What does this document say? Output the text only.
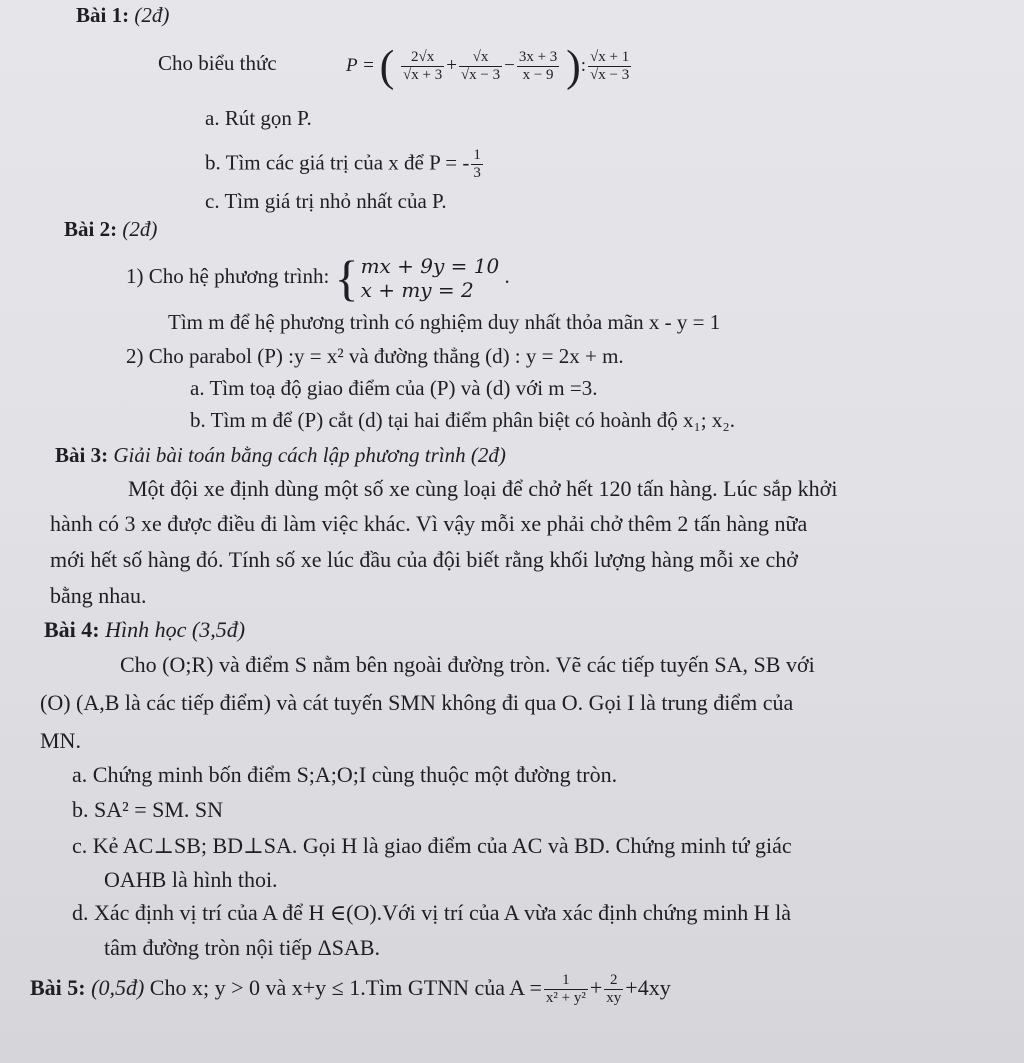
Bài 1: (2đ)
Cho biểu thức	P = ( $\frac{2√x}{√x + 3} + \frac{√x}{√x - 3} - \frac{3x + 3}{x - 9}$ ): $\frac{√x + 1}{√x - 3}$
a. Rút gọn P.
b. Tìm các giá trị của x để P = - $\frac{1}{3}$
c. Tìm giá trị nhỏ nhất của P.
Bài 2: (2đ)
1) Cho hệ phương trình: { mx + 9y = 10
x + my = 2
.
Tìm m để hệ phương trình có nghiệm duy nhất thỏa mãn x - y = 1
2) Cho parabol (P) :y = x² và đường thẳng (d) : y = 2x + m.
a. Tìm toạ độ giao điểm của (P) và (d) với m =3.
b. Tìm m để (P) cắt (d) tại hai điểm phân biệt có hoành độ x₁; x₂.
Bài 3: Giải bài toán bằng cách lập phương trình (2đ)
Một đội xe định dùng một số xe cùng loại để chở hết 120 tấn hàng. Lúc sắp khởi
hành có 3 xe được điều đi làm việc khác. Vì vậy mỗi xe phải chở thêm 2 tấn hàng nữa
mới hết số hàng đó. Tính số xe lúc đầu của đội biết rằng khối lượng hàng mỗi xe chở
bằng nhau.
Bài 4: Hình học (3,5đ)
Cho (O;R) và điểm S nằm bên ngoài đường tròn. Vẽ các tiếp tuyến SA, SB với
(O) (A,B là các tiếp điểm) và cát tuyến SMN không đi qua O. Gọi I là trung điểm của
MN.
a. Chứng minh bốn điểm S;A;O;I cùng thuộc một đường tròn.
b. SA² = SM. SN
c. Kẻ AC⊥SB; BD⊥SA. Gọi H là giao điểm của AC và BD. Chứng minh tứ giác
OAHB là hình thoi.
d. Xác định vị trí của A để H ∈(O).Với vị trí của A vừa xác định chứng minh H là
tâm đường tròn nội tiếp ΔSAB.
Bài 5: (0,5đ) Cho x; y > 0 và x+y ≤ 1.Tìm GTNN của $A = \frac{1}{\text{x² + y²}} + \frac{2}{xy} +4xy$
